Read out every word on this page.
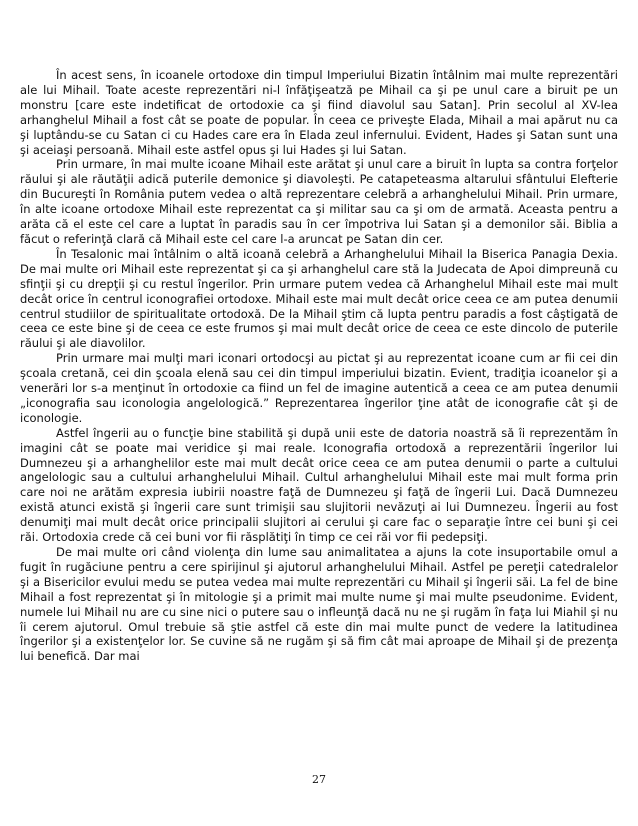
În acest sens, în icoanele ortodoxe din timpul Imperiului Bizatin întâlnim mai multe reprezentări ale lui Mihail. Toate aceste reprezentări ni-l înfăţişeatză pe Mihail ca şi pe unul care a biruit pe un monstru [care este indetificat de ortodoxie ca şi fiind diavolul sau Satan]. Prin secolul al XV-lea arhanghelul Mihail a fost cât se poate de popular. În ceea ce priveşte Elada, Mihail a mai apărut nu ca şi luptându-se cu Satan ci cu Hades care era în Elada zeul infernului. Evident, Hades şi Satan sunt una şi aceiaşi persoană. Mihail este astfel opus şi lui Hades şi lui Satan.

Prin urmare, în mai multe icoane Mihail este arătat şi unul care a biruit în lupta sa contra forţelor răului şi ale răutăţii adică puterile demonice şi diavoleşti. Pe catapeteasma altarului sfântului Elefterie din Bucureşti în România putem vedea o altă reprezentare celebră a arhanghelului Mihail. Prin urmare, în alte icoane ortodoxe Mihail este reprezentat ca şi militar sau ca şi om de armată. Aceasta pentru a arăta că el este cel care a luptat în paradis sau în cer împotriva lui Satan şi a demonilor săi. Biblia a făcut o referinţă clară că Mihail este cel care l-a aruncat pe Satan din cer.

În Tesalonic mai întâlnim o altă icoană celebră a Arhanghelului Mihail la Biserica Panagia Dexia. De mai multe ori Mihail este reprezentat şi ca şi arhanghelul care stă la Judecata de Apoi dimpreună cu sfinţii şi cu drepţii şi cu restul îngerilor. Prin urmare putem vedea că Arhanghelul Mihail este mai mult decât orice în centrul iconografiei ortodoxe. Mihail este mai mult decât orice ceea ce am putea denumii centrul studiilor de spiritualitate ortodoxă. De la Mihail ştim că lupta pentru paradis a fost câştigată de ceea ce este bine şi de ceea ce este frumos şi mai mult decât orice de ceea ce este dincolo de puterile răului şi ale diavolilor.

Prin urmare mai mulţi mari iconari ortodocşi au pictat şi au reprezentat icoane cum ar fii cei din şcoala cretană, cei din şcoala elenă sau cei din timpul imperiului bizatin. Evient, tradiţia icoanelor şi a venerări lor s-a menţinut în ortodoxie ca fiind un fel de imagine autentică a ceea ce am putea denumii „iconografia sau iconologia angelologică.” Reprezentarea îngerilor ţine atât de iconografie cât şi de iconologie.

Astfel îngerii au o funcţie bine stabilită şi după unii este de datoria noastră să îi reprezentăm în imagini cât se poate mai veridice şi mai reale. Iconografia ortodoxă a reprezentării îngerilor lui Dumnezeu şi a arhanghelilor este mai mult decât orice ceea ce am putea denumii o parte a cultului angelologic sau a cultului arhanghelului Mihail. Cultul arhanghelului Mihail este mai mult forma prin care noi ne arătăm expresia iubirii noastre faţă de Dumnezeu şi faţă de îngerii Lui. Dacă Dumnezeu există atunci există şi îngerii care sunt trimişii sau slujitorii nevăzuţi ai lui Dumnezeu. Îngerii au fost denumiţi mai mult decât orice principalii slujitori ai cerului şi care fac o separaţie între cei buni şi cei răi. Ortodoxia crede că cei buni vor fii răsplătiţi în timp ce cei răi vor fii pedepsiţi.

De mai multe ori când violenţa din lume sau animalitatea a ajuns la cote insuportabile omul a fugit în rugăciune pentru a cere spirijinul şi ajutorul arhanghelului Mihail. Astfel pe pereţii catedralelor şi a Bisericilor evului medu se putea vedea mai multe reprezentări cu Mihail şi îngerii săi. La fel de bine Mihail a fost reprezentat şi în mitologie şi a primit mai multe nume şi mai multe pseudonime. Evident, numele lui Mihail nu are cu sine nici o putere sau o infleunţă dacă nu ne şi rugăm în faţa lui Miahil şi nu îi cerem ajutorul. Omul trebuie să ştie astfel că este din mai multe punct de vedere la latitudinea îngerilor şi a existenţelor lor. Se cuvine să ne rugăm şi să fim cât mai aproape de Mihail şi de prezenţa lui benefică. Dar mai

27
